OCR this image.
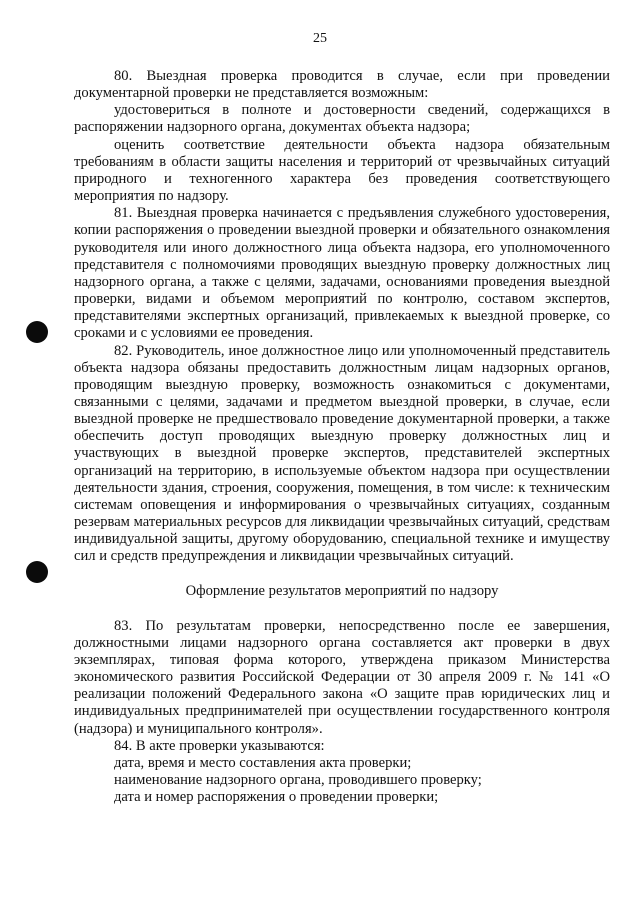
25

80. Выездная проверка проводится в случае, если при проведении документарной проверки не представляется возможным:

удостовериться в полноте и достоверности сведений, содержащихся в распоряжении надзорного органа, документах объекта надзора;

оценить соответствие деятельности объекта надзора обязательным требованиям в области защиты населения и территорий от чрезвычайных ситуаций природного и техногенного характера без проведения соответствующего мероприятия по надзору.

81. Выездная проверка начинается с предъявления служебного удостоверения, копии распоряжения о проведении выездной проверки и обязательного ознакомления руководителя или иного должностного лица объекта надзора, его уполномоченного представителя с полномочиями проводящих выездную проверку должностных лиц надзорного органа, а также с целями, задачами, основаниями проведения выездной проверки, видами и объемом мероприятий по контролю, составом экспертов, представителями экспертных организаций, привлекаемых к выездной проверке, со сроками и с условиями ее проведения.

82. Руководитель, иное должностное лицо или уполномоченный представитель объекта надзора обязаны предоставить должностным лицам надзорных органов, проводящим выездную проверку, возможность ознакомиться с документами, связанными с целями, задачами и предметом выездной проверки, в случае, если выездной проверке не предшествовало проведение документарной проверки, а также обеспечить доступ проводящих выездную проверку должностных лиц и участвующих в выездной проверке экспертов, представителей экспертных организаций на территорию, в используемые объектом надзора при осуществлении деятельности здания, строения, сооружения, помещения, в том числе: к техническим системам оповещения и информирования о чрезвычайных ситуациях, созданным резервам материальных ресурсов для ликвидации чрезвычайных ситуаций, средствам индивидуальной защиты, другому оборудованию, специальной технике и имуществу сил и средств предупреждения и ликвидации чрезвычайных ситуаций.

Оформление результатов мероприятий по надзору

83. По результатам проверки, непосредственно после ее завершения, должностными лицами надзорного органа составляется акт проверки в двух экземплярах, типовая форма которого, утверждена приказом Министерства экономического развития Российской Федерации от 30 апреля 2009 г. № 141 «О реализации положений Федерального закона «О защите прав юридических лиц и индивидуальных предпринимателей при осуществлении государственного контроля (надзора) и муниципального контроля».

84. В акте проверки указываются:

дата, время и место составления акта проверки;

наименование надзорного органа, проводившего проверку;

дата и номер распоряжения о проведении проверки;
